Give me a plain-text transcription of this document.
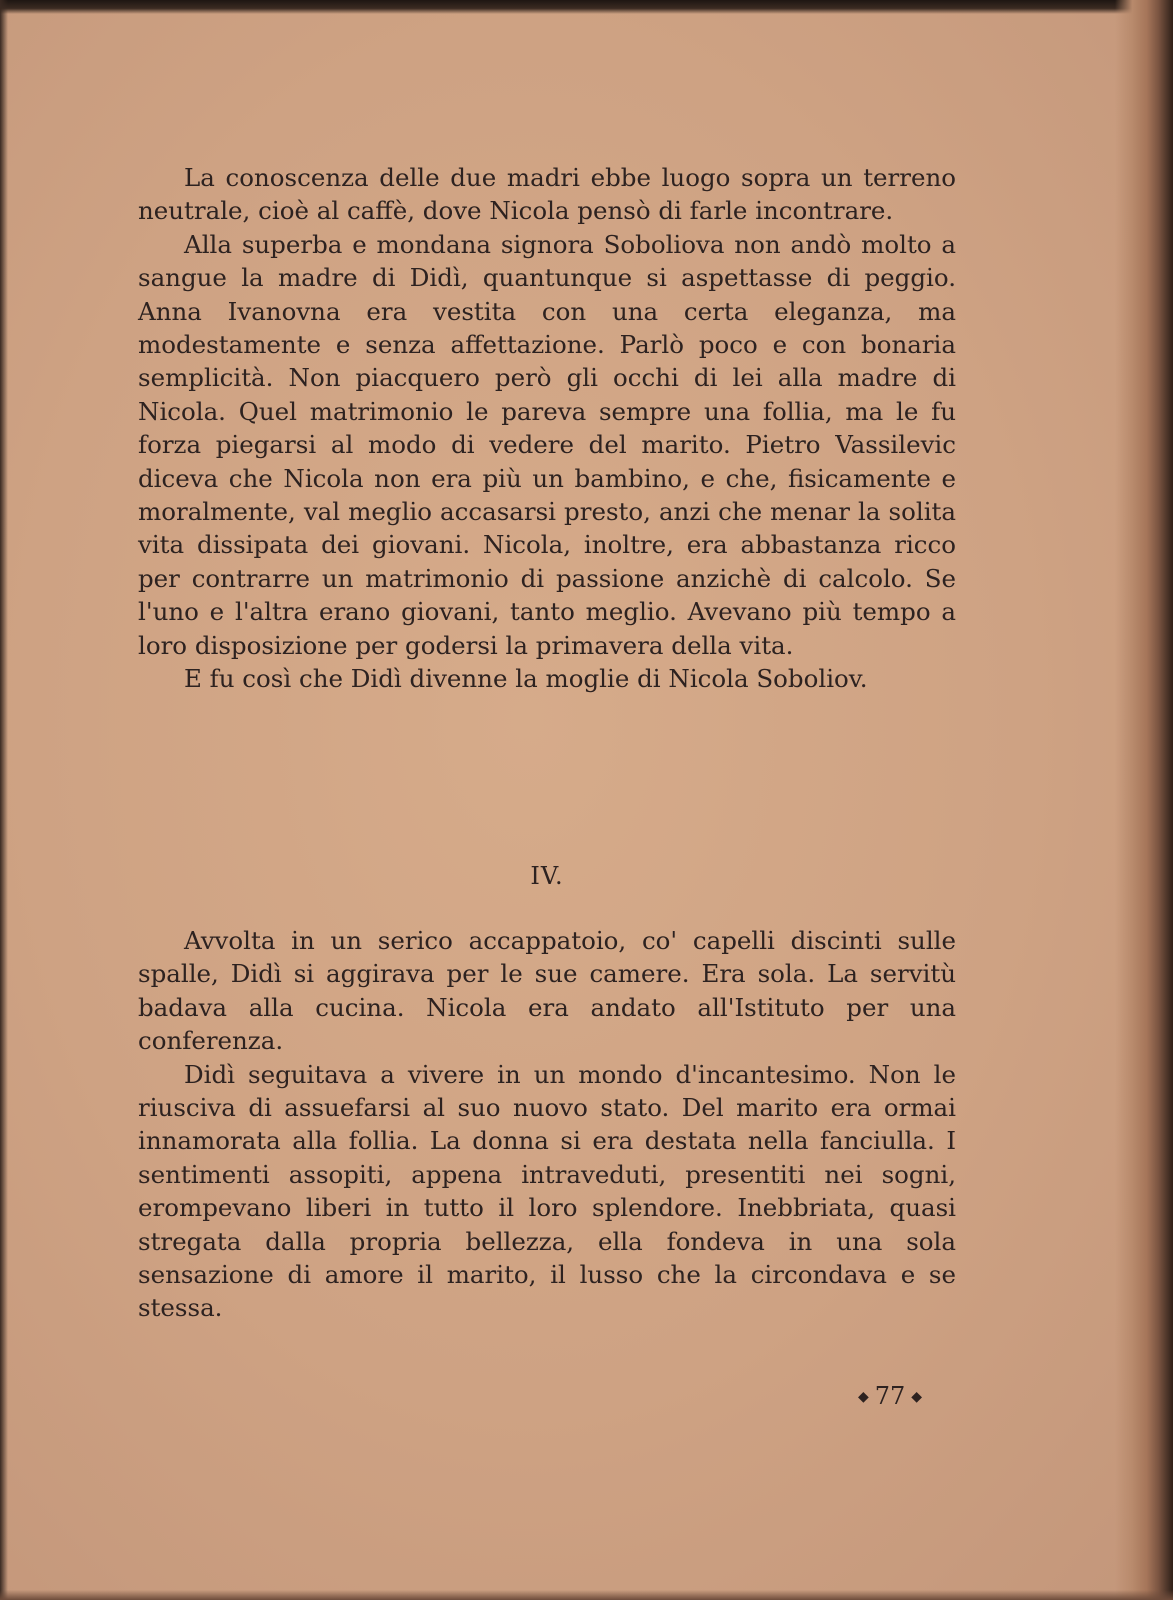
La conoscenza delle due madri ebbe luogo sopra un terreno neutrale, cioè al caffè, dove Nicola pensò di farle incontrare.

Alla superba e mondana signora Soboliova non andò molto a sangue la madre di Didì, quantunque si aspettasse di peggio. Anna Ivanovna era vestita con una certa eleganza, ma modestamente e senza affettazione. Parlò poco e con bonaria semplicità. Non piacquero però gli occhi di lei alla madre di Nicola. Quel matrimonio le pareva sempre una follia, ma le fu forza piegarsi al modo di vedere del marito. Pietro Vassilevic diceva che Nicola non era più un bambino, e che, fisicamente e moralmente, val meglio accasarsi presto, anzi che menar la solita vita dissipata dei giovani. Nicola, inoltre, era abbastanza ricco per contrarre un matrimonio di passione anzichè di calcolo. Se l'uno e l'altra erano giovani, tanto meglio. Avevano più tempo a loro disposizione per godersi la primavera della vita.

E fu così che Didì divenne la moglie di Nicola Soboliov.

IV.

Avvolta in un serico accappatoio, co' capelli discinti sulle spalle, Didì si aggirava per le sue camere. Era sola. La servitù badava alla cucina. Nicola era andato all'Istituto per una conferenza.

Didì seguitava a vivere in un mondo d'incantesimo. Non le riusciva di assuefarsi al suo nuovo stato. Del marito era ormai innamorata alla follia. La donna si era destata nella fanciulla. I sentimenti assopiti, appena intraveduti, presentiti nei sogni, erompevano liberi in tutto il loro splendore. Inebbriata, quasi stregata dalla propria bellezza, ella fondeva in una sola sensazione di amore il marito, il lusso che la circondava e se stessa.

◆ 77 ◆
